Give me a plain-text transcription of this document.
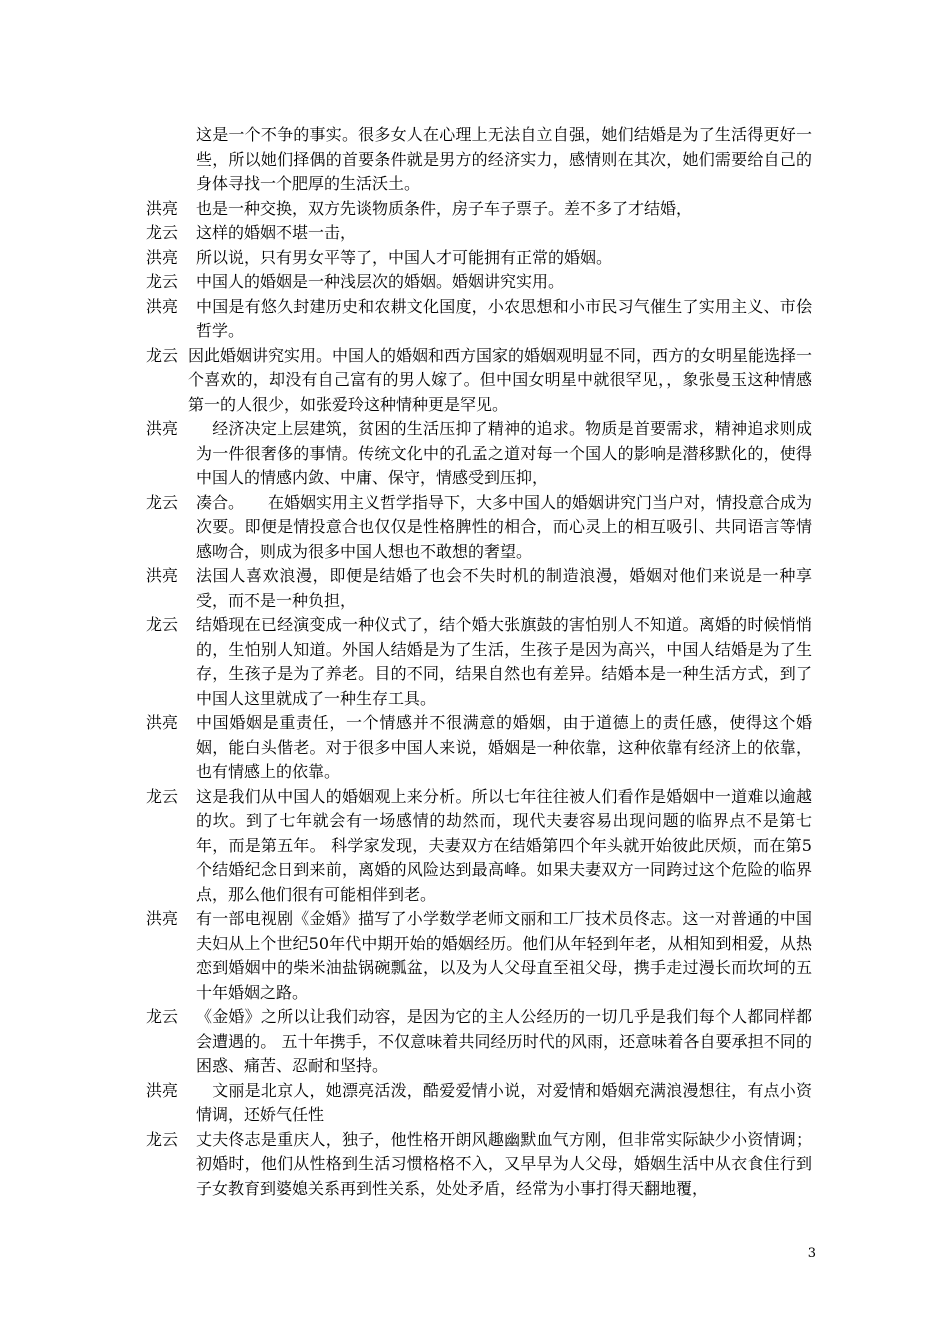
这是一个不争的事实。很多女人在心理上无法自立自强，她们结婚是为了生活得更好一些，所以她们择偶的首要条件就是男方的经济实力，感情则在其次，她们需要给自己的身体寻找一个肥厚的生活沃土。
洪亮	也是一种交换，双方先谈物质条件，房子车子票子。差不多了才结婚，
龙云	这样的婚姻不堪一击，
洪亮	所以说，只有男女平等了，中国人才可能拥有正常的婚姻。
龙云	中国人的婚姻是一种浅层次的婚姻。婚姻讲究实用。
洪亮	中国是有悠久封建历史和农耕文化国度，小农思想和小市民习气催生了实用主义、市侩哲学。
龙云 因此婚姻讲究实用。中国人的婚姻和西方国家的婚姻观明显不同，西方的女明星能选择一个喜欢的，却没有自己富有的男人嫁了。但中国女明星中就很罕见，，象张曼玉这种情感第一的人很少，如张爱玲这种情种更是罕见。
洪亮	　经济决定上层建筑，贫困的生活压抑了精神的追求。物质是首要需求，精神追求则成为一件很奢侈的事情。传统文化中的孔孟之道对每一个国人的影响是潜移默化的，使得中国人的情感内敛、中庸、保守，情感受到压抑，
龙云	凑合。　　在婚姻实用主义哲学指导下，大多中国人的婚姻讲究门当户对，情投意合成为次要。即便是情投意合也仅仅是性格脾性的相合，而心灵上的相互吸引、共同语言等情感吻合，则成为很多中国人想也不敢想的奢望。
洪亮	法国人喜欢浪漫，即便是结婚了也会不失时机的制造浪漫，婚姻对他们来说是一种享受，而不是一种负担，
龙云	结婚现在已经演变成一种仪式了，结个婚大张旗鼓的害怕别人不知道。离婚的时候悄悄的，生怕别人知道。外国人结婚是为了生活，生孩子是因为高兴，中国人结婚是为了生存，生孩子是为了养老。目的不同，结果自然也有差异。结婚本是一种生活方式，到了中国人这里就成了一种生存工具。
洪亮	中国婚姻是重责任，一个情感并不很满意的婚姻，由于道德上的责任感，使得这个婚姻，能白头偕老。对于很多中国人来说，婚姻是一种依靠，这种依靠有经济上的依靠，也有情感上的依靠。
龙云	这是我们从中国人的婚姻观上来分析。所以七年往往被人们看作是婚姻中一道难以逾越的坎。到了七年就会有一场感情的劫然而，现代夫妻容易出现问题的临界点不是第七年，而是第五年。 科学家发现，夫妻双方在结婚第四个年头就开始彼此厌烦，而在第5个结婚纪念日到来前，离婚的风险达到最高峰。如果夫妻双方一同跨过这个危险的临界点，那么他们很有可能相伴到老。
洪亮	有一部电视剧《金婚》描写了小学数学老师文丽和工厂技术员佟志。这一对普通的中国夫妇从上个世纪50年代中期开始的婚姻经历。他们从年轻到年老，从相知到相爱，从热恋到婚姻中的柴米油盐锅碗瓢盆，以及为人父母直至祖父母，携手走过漫长而坎坷的五十年婚姻之路。
龙云	《金婚》之所以让我们动容，是因为它的主人公经历的一切几乎是我们每个人都同样都会遭遇的。 五十年携手，不仅意味着共同经历时代的风雨，还意味着各自要承担不同的困惑、痛苦、忍耐和坚持。
洪亮	　文丽是北京人，她漂亮活泼，酷爱爱情小说，对爱情和婚姻充满浪漫想往，有点小资情调，还娇气任性
龙云	丈夫佟志是重庆人，独子，他性格开朗风趣幽默血气方刚，但非常实际缺少小资情调；初婚时，他们从性格到生活习惯格格不入，又早早为人父母，婚姻生活中从衣食住行到子女教育到婆媳关系再到性关系，处处矛盾，经常为小事打得天翻地覆，
3
